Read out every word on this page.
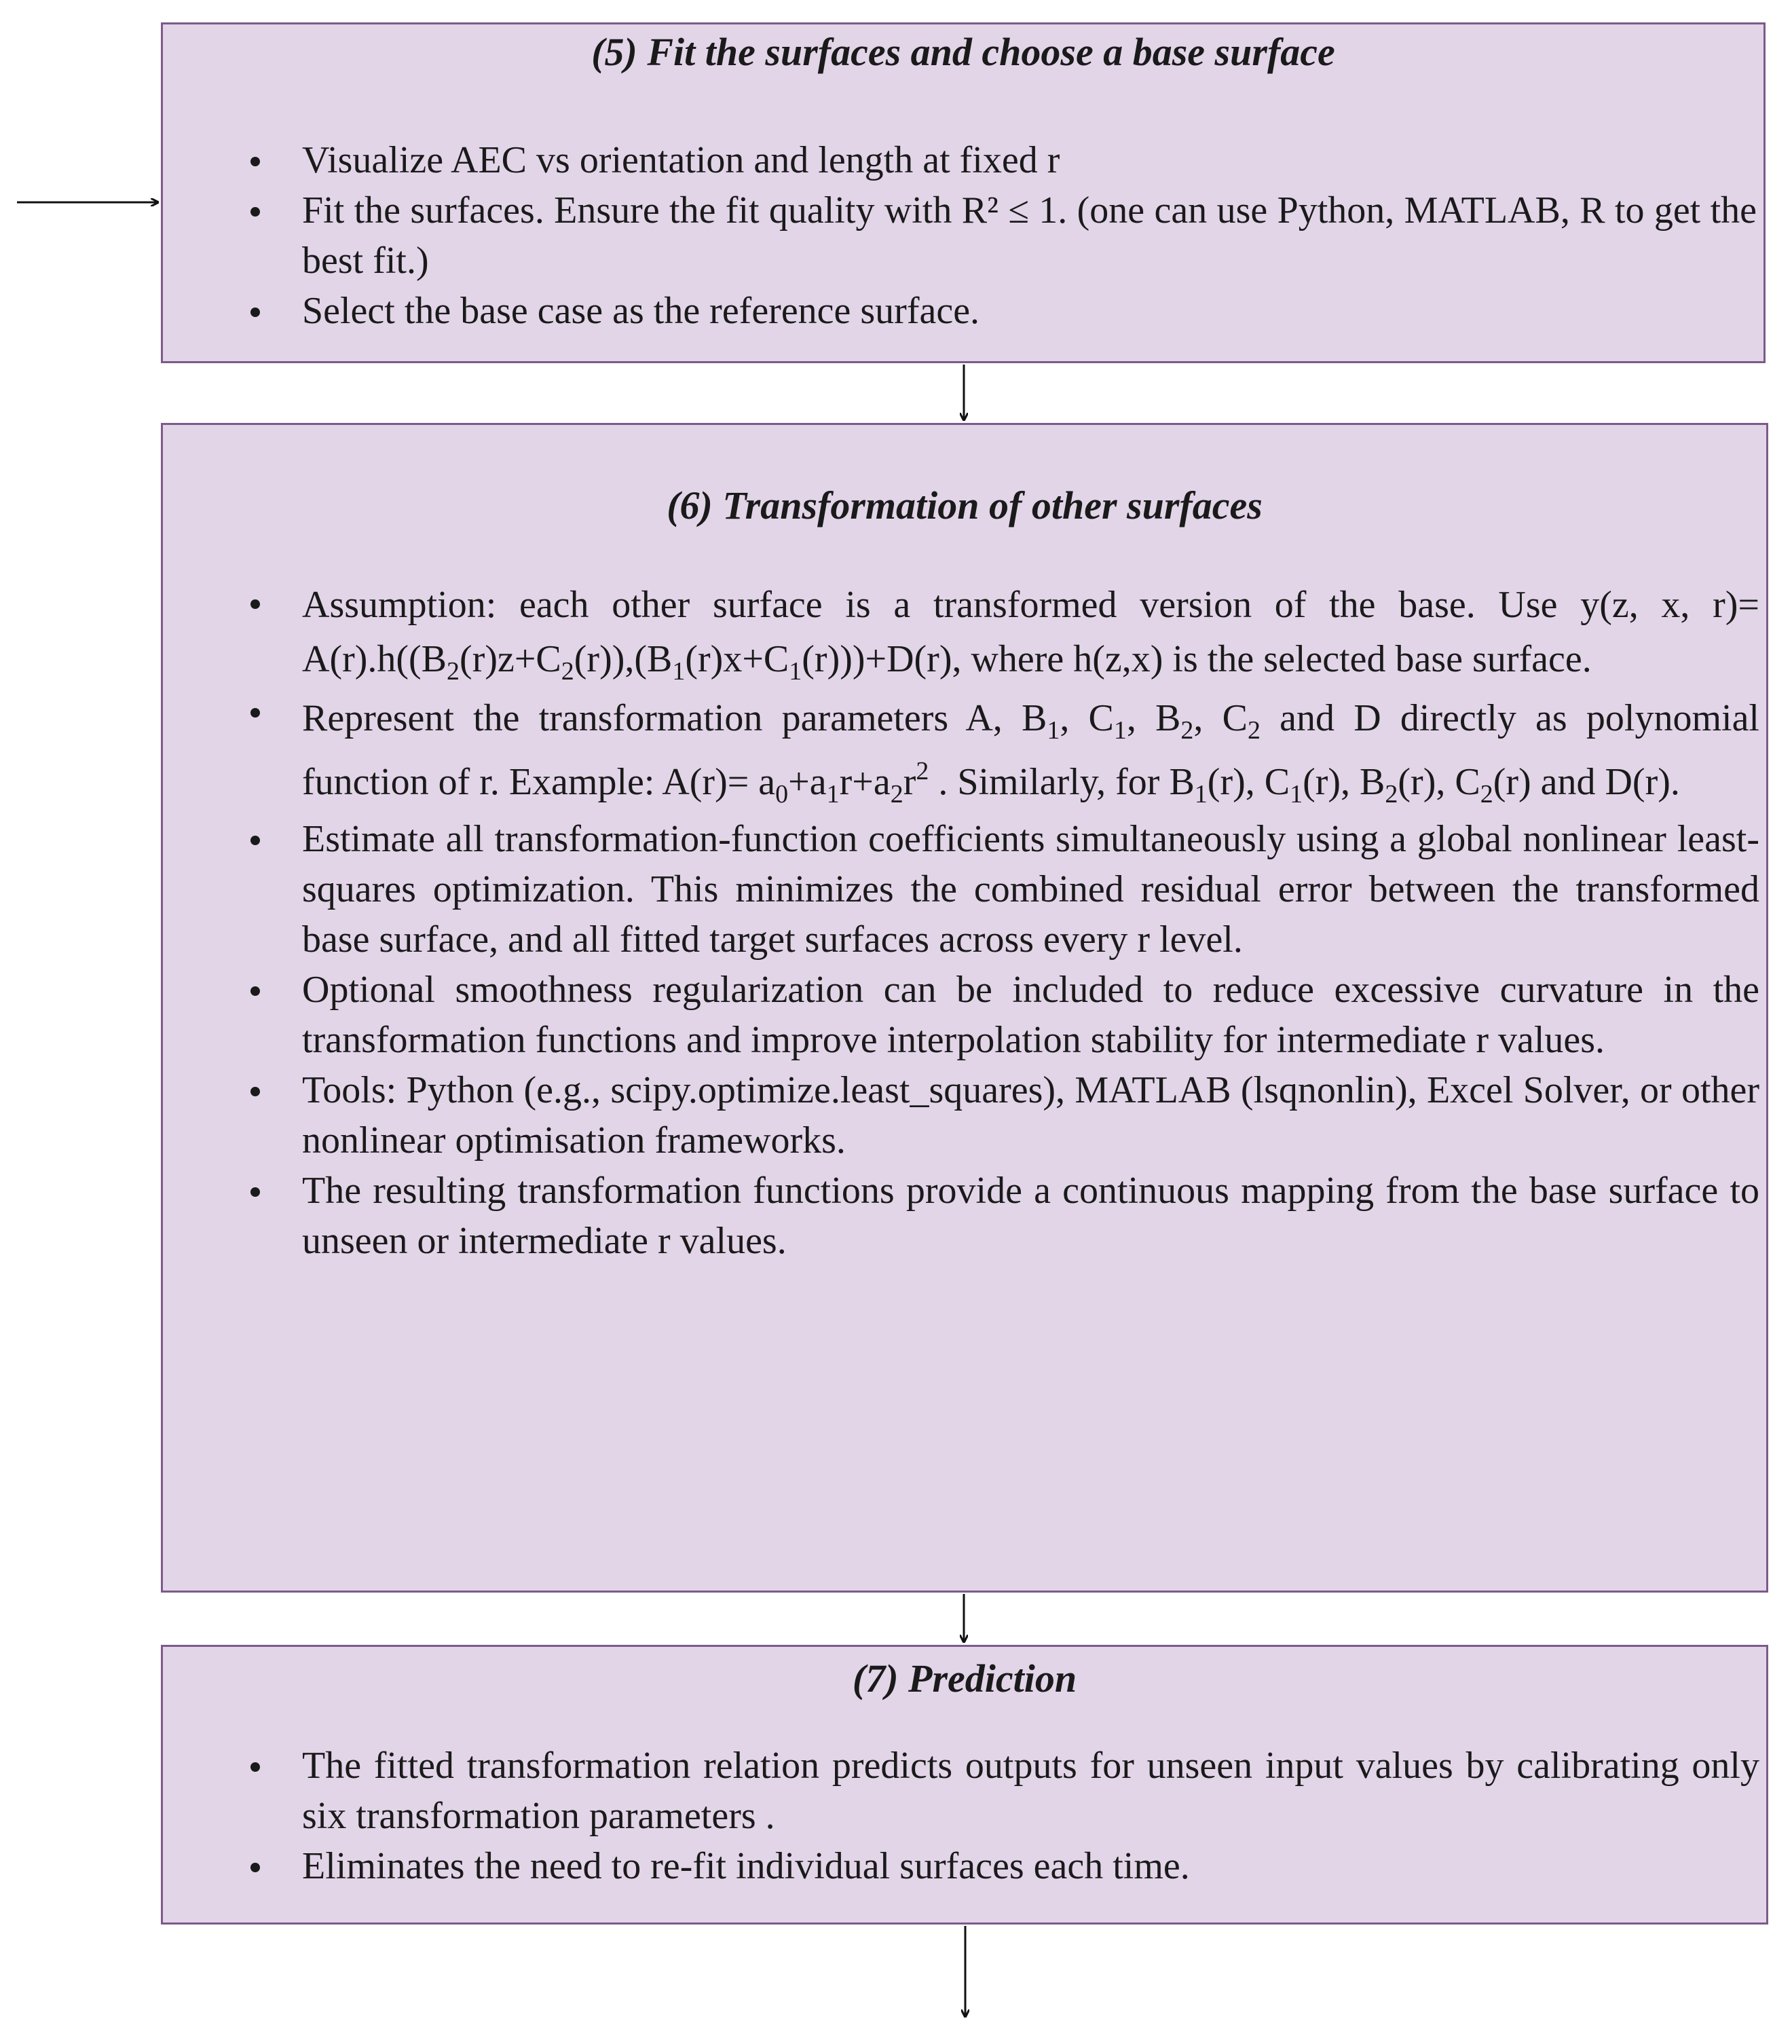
(5) Fit the surfaces and choose a base surface
Visualize AEC vs orientation and length at fixed r
Fit the surfaces. Ensure the fit quality with R² ≤ 1. (one can use Python, MATLAB, R to get the best fit.)
Select the base case as the reference surface.
(6) Transformation of other surfaces
Assumption: each other surface is a transformed version of the base. Use y(z, x, $r)= A(r).h((B_2(r)z+C_2(r)),(B_1(r)x+C_1(r)))+D(r)$, where h(z,x) is the selected base surface.
Represent the transformation parameters A, $B_1$, $C_1$, $B_2$, $C_2$ and D directly as polynomial function of r. Example: $A(r)= a_0+a_1r+a_2r^2$ . Similarly, for $B_1(r)$, $C_1(r)$, $B_2(r)$, $C_2(r)$ and D(r).
Estimate all transformation-function coefficients simultaneously using a global nonlinear least-squares optimization. This minimizes the combined residual error between the transformed base surface, and all fitted target surfaces across every r level.
Optional smoothness regularization can be included to reduce excessive curvature in the transformation functions and improve interpolation stability for intermediate r values.
Tools: Python (e.g., scipy.optimize.least_squares), MATLAB (lsqnonlin), Excel Solver, or other nonlinear optimisation frameworks.
The resulting transformation functions provide a continuous mapping from the base surface to unseen or intermediate r values.
(7) Prediction
The fitted transformation relation predicts outputs for unseen input values by calibrating only six transformation parameters .
Eliminates the need to re-fit individual surfaces each time.
